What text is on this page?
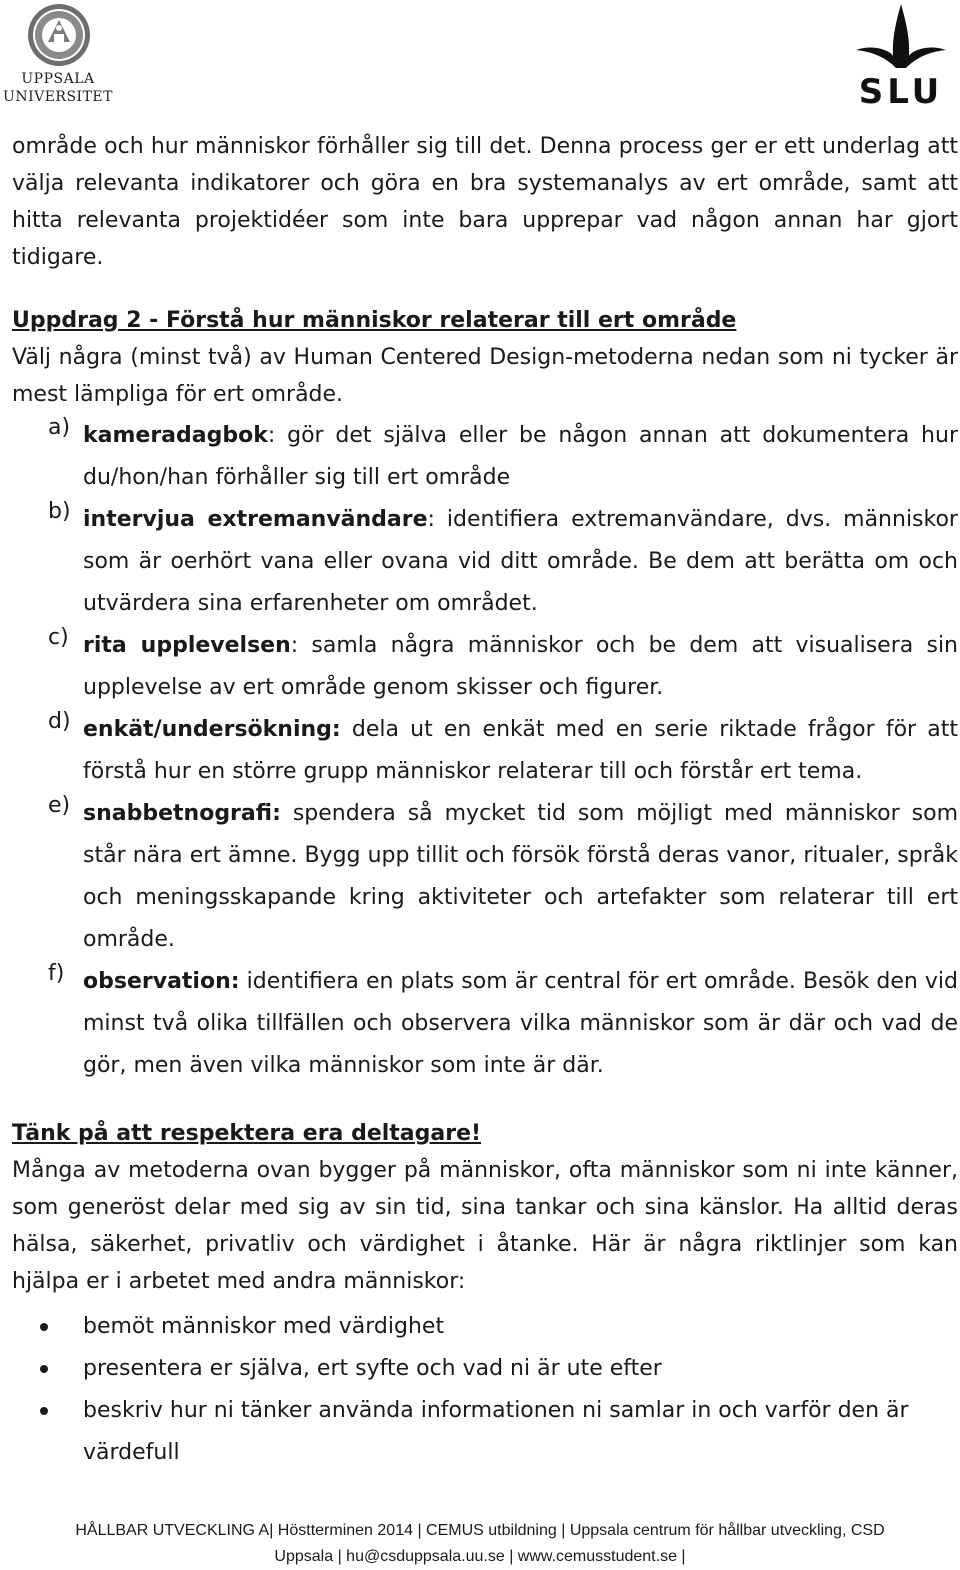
UPPSALA
UNIVERSITET	SLU

område och hur människor förhåller sig till det. Denna process ger er ett underlag att välja relevanta indikatorer och göra en bra systemanalys av ert område, samt att hitta relevanta projektidéer som inte bara upprepar vad någon annan har gjort tidigare.

Uppdrag 2 - Förstå hur människor relaterar till ert område

Välj några (minst två) av Human Centered Design-metoderna nedan som ni tycker är mest lämpliga för ert område.

a) kameradagbok: gör det själva eller be någon annan att dokumentera hur du/hon/han förhåller sig till ert område
b) intervjua extremanvändare: identifiera extremanvändare, dvs. människor som är oerhört vana eller ovana vid ditt område. Be dem att berätta om och utvärdera sina erfarenheter om området.
c) rita upplevelsen: samla några människor och be dem att visualisera sin upplevelse av ert område genom skisser och figurer.
d) enkät/undersökning: dela ut en enkät med en serie riktade frågor för att förstå hur en större grupp människor relaterar till och förstår ert tema.
e) snabbetnografi: spendera så mycket tid som möjligt med människor som står nära ert ämne. Bygg upp tillit och försök förstå deras vanor, ritualer, språk och meningsskapande kring aktiviteter och artefakter som relaterar till ert område.
f) observation: identifiera en plats som är central för ert område. Besök den vid minst två olika tillfällen och observera vilka människor som är där och vad de gör, men även vilka människor som inte är där.
Tänk på att respektera era deltagare!

Många av metoderna ovan bygger på människor, ofta människor som ni inte känner, som generöst delar med sig av sin tid, sina tankar och sina känslor. Ha alltid deras hälsa, säkerhet, privatliv och värdighet i åtanke. Här är några riktlinjer som kan hjälpa er i arbetet med andra människor:

bemöt människor med värdighet
presentera er själva, ert syfte och vad ni är ute efter
beskriv hur ni tänker använda informationen ni samlar in och varför den är värdefull
HÅLLBAR UTVECKLING A| Höstterminen 2014 | CEMUS utbildning | Uppsala centrum för hållbar utveckling, CSD
Uppsala | hu@csduppsala.uu.se | www.cemusstudent.se |
